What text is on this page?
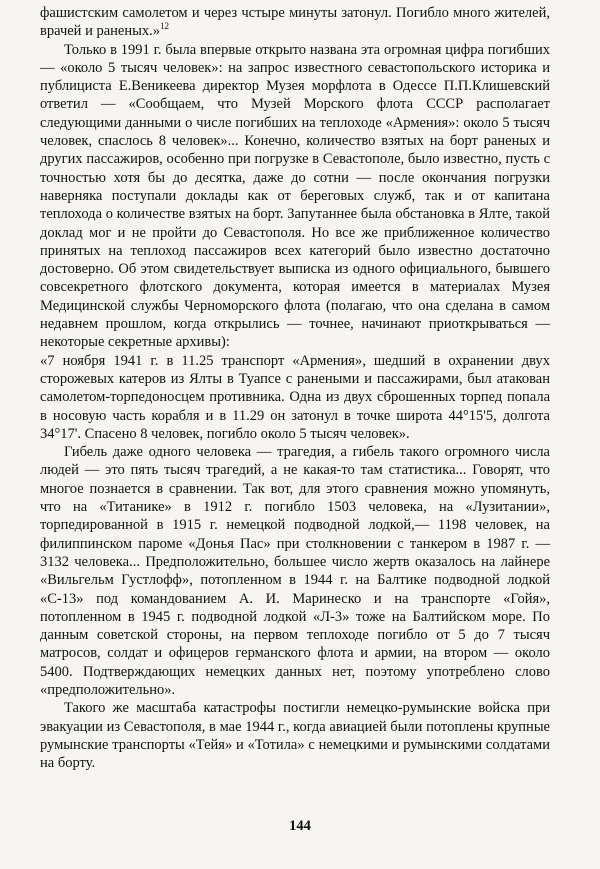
фашистским самолетом и через чстыре минуты затонул. Погибло много жителей, врачей и раненых.»$^{12}$

Только в 1991 г. была впервые открыто названа эта огромная цифра погибших — «около 5 тысяч человек»: на запрос известного севастопольского историка и публициста Е.Веникеева директор Музея морфлота в Одессе П.П.Клишевский ответил — «Сообщаем, что Музей Морского флота СССР располагает следующими данными о числе погибших на теплоходе «Армения»: около 5 тысяч человек, спаслось 8 человек»... Конечно, количество взятых на борт раненых и других пассажиров, особенно при погрузке в Севастополе, было известно, пусть с точностью хотя бы до десятка, даже до сотни — после окончания погрузки наверняка поступали доклады как от береговых служб, так и от капитана теплохода о количестве взятых на борт. Запутаннее была обстановка в Ялте, такой доклад мог и не пройти до Севастополя. Но все же приближенное количество принятых на теплоход пассажиров всех категорий было известно достаточно достоверно. Об этом свидетельствует выписка из одного официального, бывшего совсекретного флотского документа, которая имеется в материалах Музея Медицинской службы Черноморского флота (полагаю, что она сделана в самом недавнем прошлом, когда открылись — точнее, начинают приоткрываться — некоторые секретные архивы):

«7 ноября 1941 г. в 11.25 транспорт «Армения», шедший в охранении двух сторожевых катеров из Ялты в Туапсе с ранеными и пассажирами, был атакован самолетом-торпедоносцем противника. Одна из двух сброшенных торпед попала в носовую часть корабля и в 11.29 он затонул в точке широта 44°15'5, долгота 34°17'. Спасено 8 человек, погибло около 5 тысяч человек».

Гибель даже одного человека — трагедия, а гибель такого огромного числа людей — это пять тысяч трагедий, а не какая-то там статистика... Говорят, что многое познается в сравнении. Так вот, для этого сравнения можно упомянуть, что на «Титанике» в 1912 г. погибло 1503 человека, на «Лузитании», торпедированной в 1915 г. немецкой подводной лодкой,— 1198 человек, на филиппинском пароме «Донья Пас» при столкновении с танкером в 1987 г. — 3132 человека... Предположительно, большее число жертв оказалось на лайнере «Вильгельм Густлофф», потопленном в 1944 г. на Балтике подводной лодкой «С-13» под командованием А. И. Маринеско и на транспорте «Гойя», потопленном в 1945 г. подводной лодкой «Л-3» тоже на Балтийском море. По данным советской стороны, на первом теплоходе погибло от 5 до 7 тысяч матросов, солдат и офицеров германского флота и армии, на втором — около 5400. Подтверждающих немецких данных нет, поэтому употреблено слово «предположительно».

Такого же масштаба катастрофы постигли немецко-румынские войска при эвакуации из Севастополя, в мае 1944 г., когда авиацией были потоплены крупные румынские транспорты «Тейя» и «Тотила» с немецкими и румынскими солдатами на борту.

144
